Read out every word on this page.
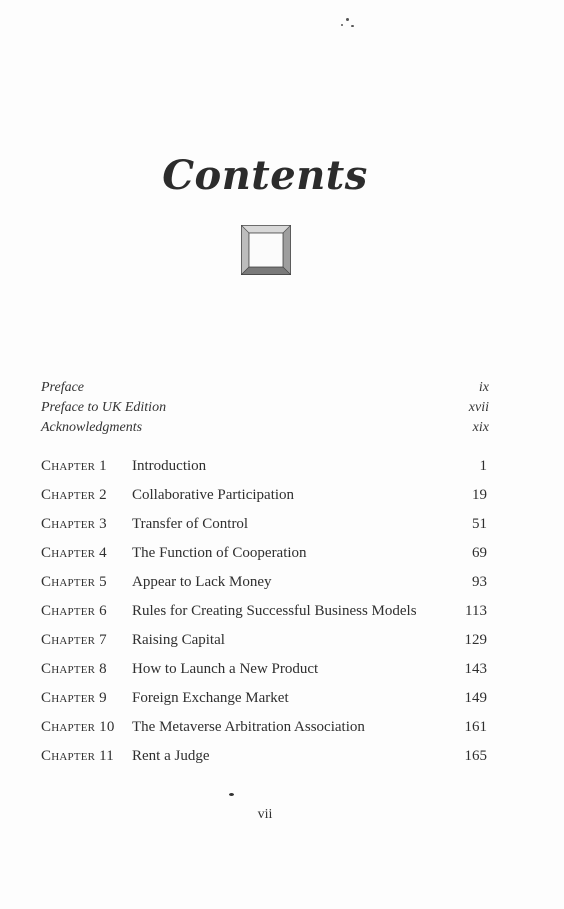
Contents
Preface	ix
Preface to UK Edition	xvii
Acknowledgments	xix
Chapter 1 Introduction	1
Chapter 2 Collaborative Participation	19
Chapter 3 Transfer of Control	51
Chapter 4 The Function of Cooperation	69
Chapter 5 Appear to Lack Money	93
Chapter 6 Rules for Creating Successful Business Models	113
Chapter 7 Raising Capital	129
Chapter 8 How to Launch a New Product	143
Chapter 9 Foreign Exchange Market	149
Chapter 10 The Metaverse Arbitration Association	161
Chapter 11 Rent a Judge	165
vii
